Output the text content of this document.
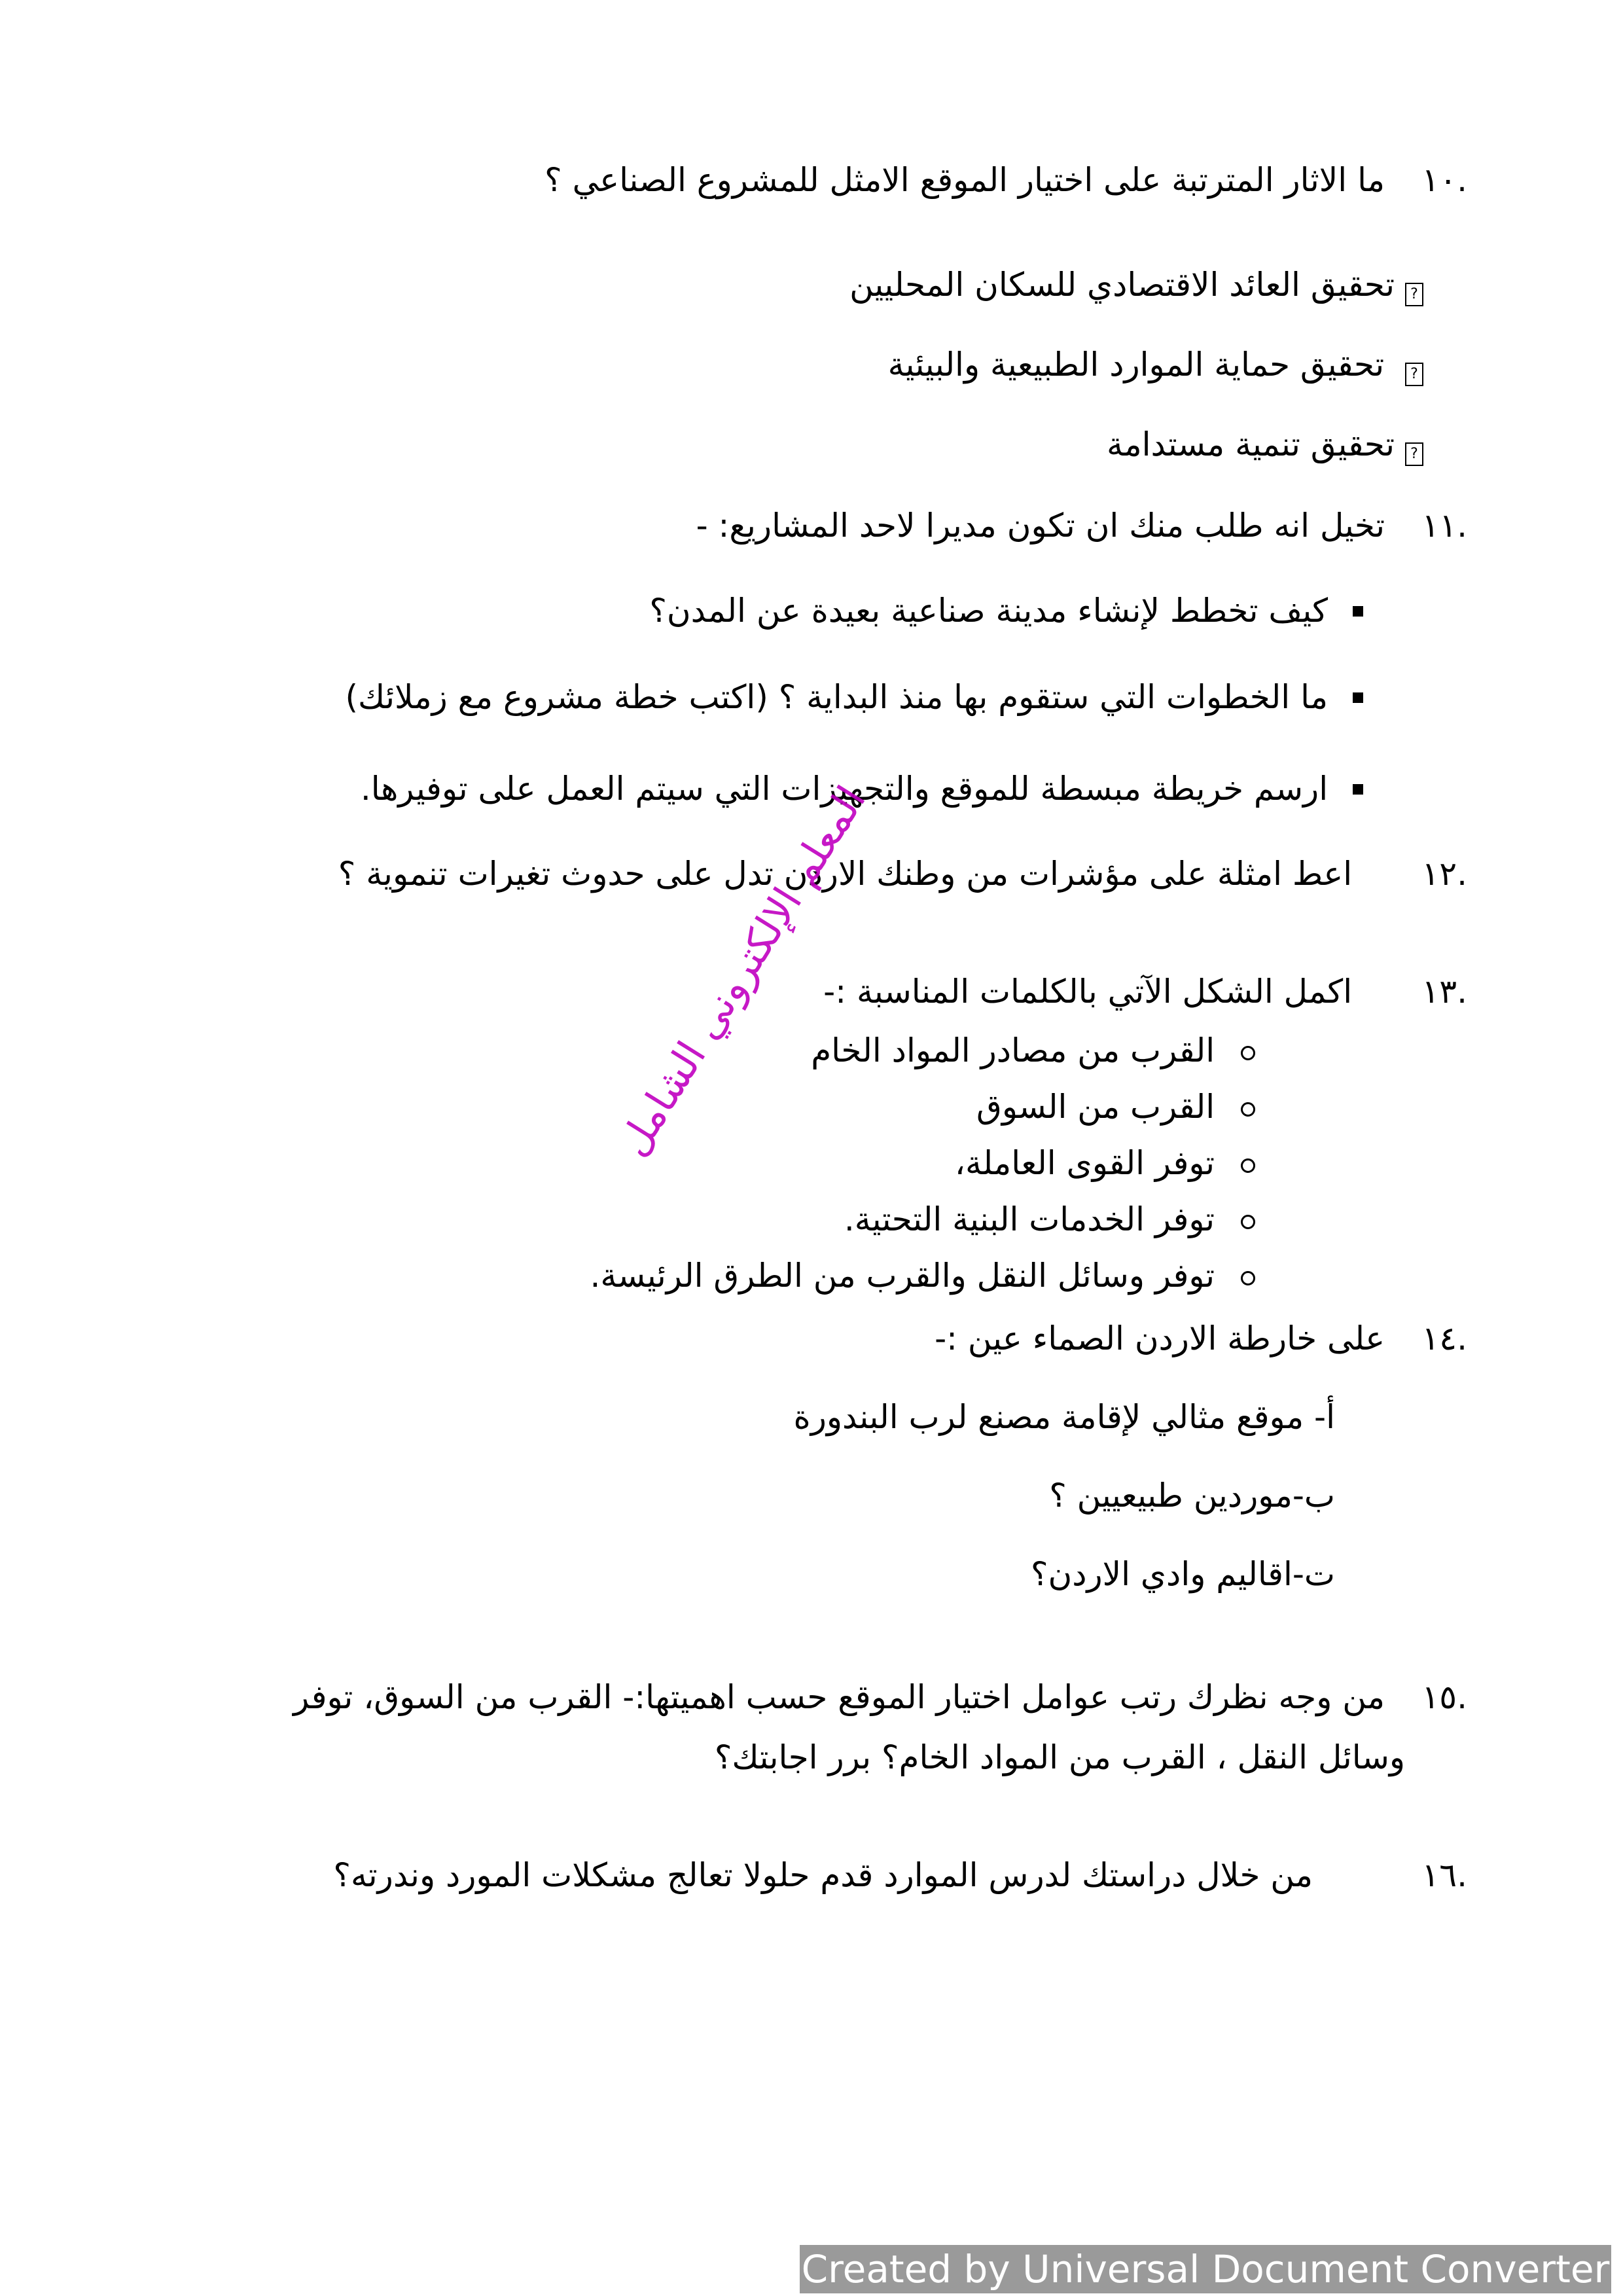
.١٠ ما الاثار المترتبة على اختيار الموقع الامثل للمشروع الصناعي ؟

? تحقيق العائد الاقتصادي للسكان المحليين

?  تحقيق حماية الموارد الطبيعية والبيئية

? تحقيق تنمية مستدامة

.١١ تخيل انه طلب منك ان تكون مديرا لاحد المشاريع: -

كيف تخطط لإنشاء مدينة صناعية بعيدة عن المدن؟

ما الخطوات التي ستقوم بها منذ البداية ؟ (اكتب خطة مشروع مع زملائك)

ارسم خريطة مبسطة للموقع والتجهيزات التي سيتم العمل على توفيرها.

.١٢ اعط امثلة على مؤشرات من وطنك الاردن تدل على حدوث تغيرات تنموية ؟

.١٣ اكمل الشكل الآتي بالكلمات المناسبة :-

القرب من مصادر المواد الخام

القرب من السوق

توفر القوى العاملة،

توفر الخدمات البنية التحتية.

توفر وسائل النقل والقرب من الطرق الرئيسة.

.١٤ على خارطة الاردن الصماء عين :-

أ- موقع مثالي لإقامة مصنع لرب البندورة

ب-موردين طبيعيين ؟

ت-اقاليم وادي الاردن؟

.١٥ من وجه نظرك رتب عوامل اختيار الموقع حسب اهميتها:- القرب من السوق، توفر

وسائل النقل ، القرب من المواد الخام؟ برر اجابتك؟

.١٦ من خلال دراستك لدرس الموارد قدم حلولا تعالج مشكلات المورد وندرته؟

المعلم الإلكتروني الشامل
Created by Universal Document Converter
